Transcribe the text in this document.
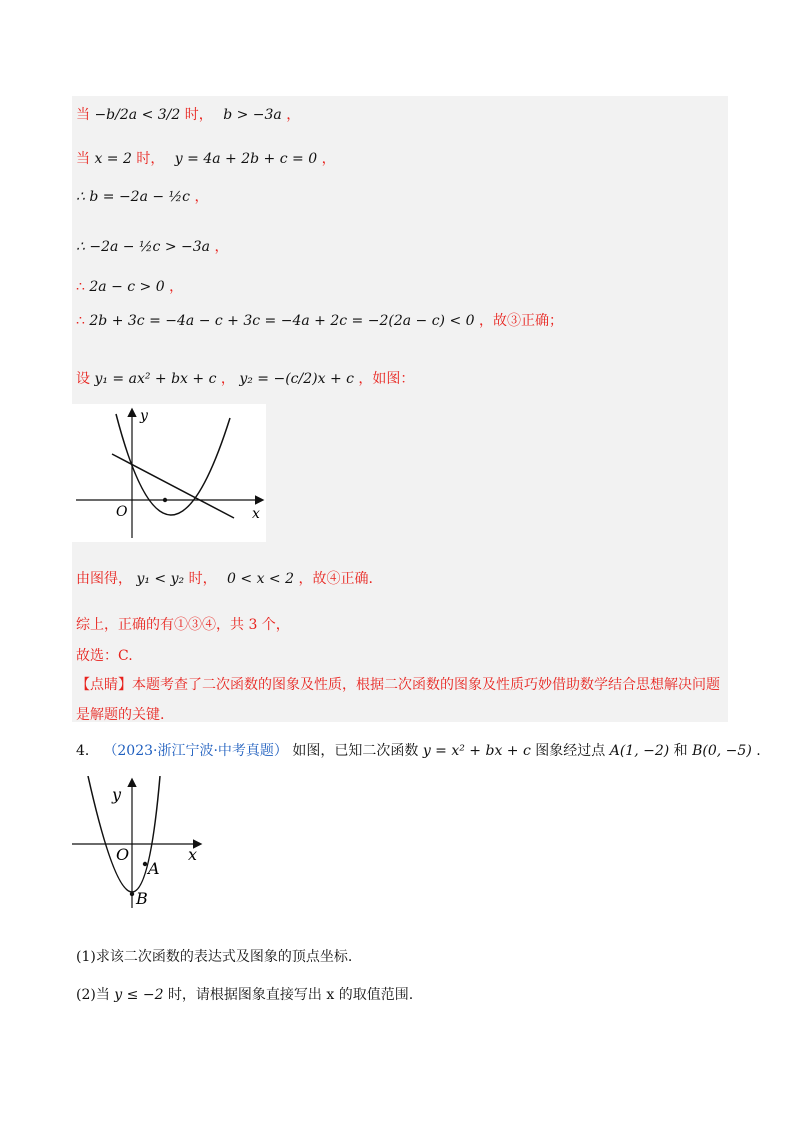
当 −b/2a < 3/2 时， b > −3a ，
当 x = 2 时， y = 4a + 2b + c = 0 ，
∴ b = −2a − ½c ，
∴ −2a − ½c > −3a ，
∴ 2a − c > 0 ，
∴ 2b + 3c = −4a − c + 3c = −4a + 2c = −2(2a − c) < 0 ，故③正确；
设 y₁ = ax² + bx + c ， y₂ = −(c/2)x + c ，如图：
y
x
O
由图得， y₁ < y₂ 时， 0 < x < 2 ，故④正确.
综上，正确的有①③④，共 3 个，
故选：C.
【点睛】本题考查了二次函数的图象及性质，根据二次函数的图象及性质巧妙借助数学结合思想解决问题
是解题的关键.
4． （2023·浙江宁波·中考真题） 如图，已知二次函数 y = x² + bx + c 图象经过点 A(1, −2) 和 B(0, −5) .
y
x
O
A
B
(1)求该二次函数的表达式及图象的顶点坐标.
(2)当 y ≤ −2 时，请根据图象直接写出 x 的取值范围.
